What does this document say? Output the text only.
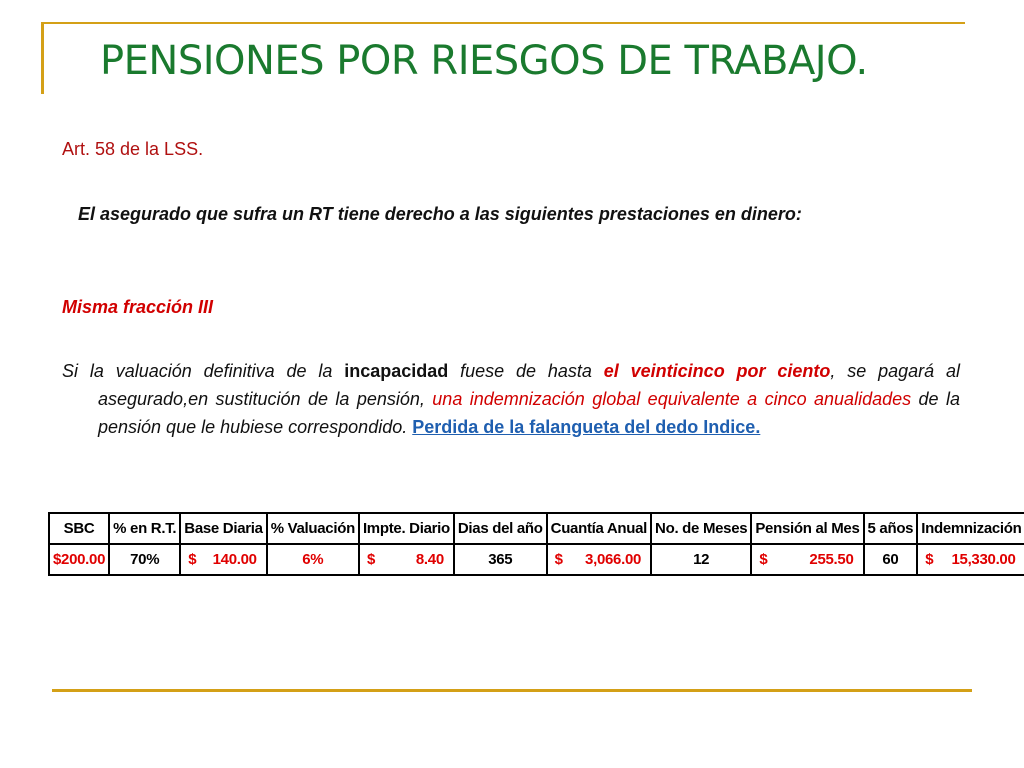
PENSIONES POR RIESGOS DE TRABAJO.
Art. 58 de la LSS.
El asegurado que sufra un RT tiene derecho a las siguientes prestaciones en dinero:
Misma fracción III
Si la valuación definitiva de la incapacidad fuese de hasta el veinticinco por ciento, se pagará al asegurado,en sustitución de la pensión, una indemnización global equivalente a cinco anualidades de la pensión que le hubiese correspondido. Perdida de la falangueta del dedo Indice.
SBC	% en R.T.	Base Diaria	% Valuación	Impte. Diario	Dias del año	Cuantía Anual	No. de Meses	Pensión al Mes	5 años	Indemnización
$200.00	70%	$ 140.00	6%	$ 8.40	365	$ 3,066.00	12	$ 255.50	60	$ 15,330.00
